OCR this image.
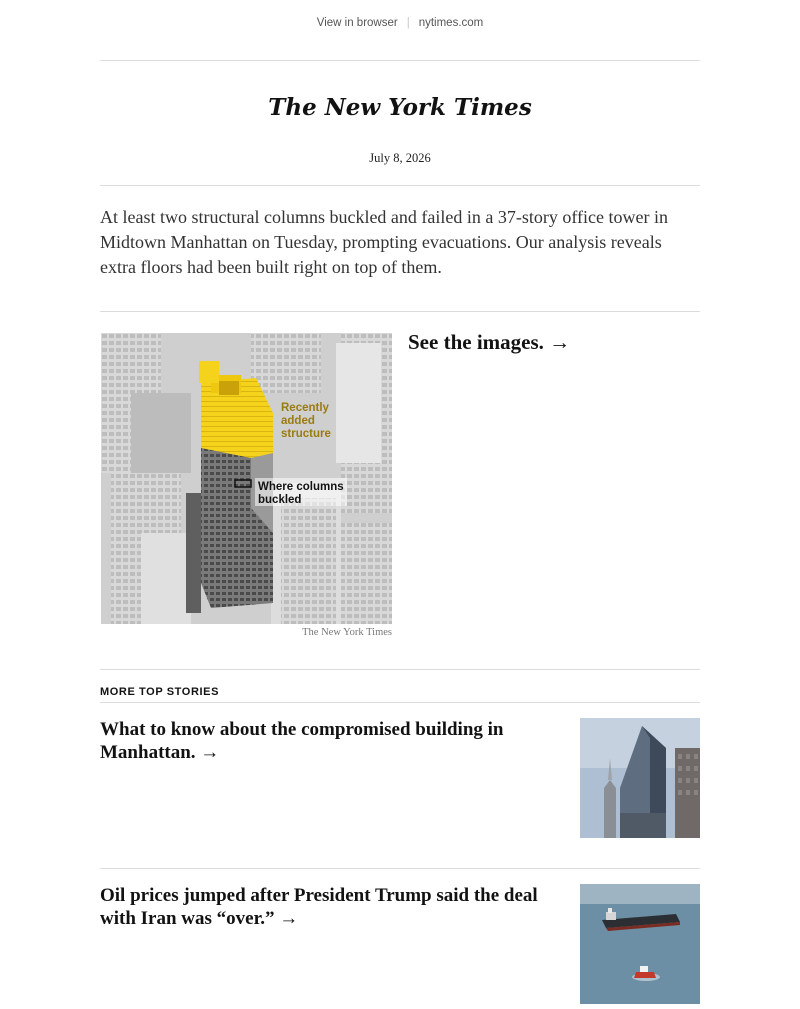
View in browser | nytimes.com
The New York Times
July 8, 2026

At least two structural columns buckled and failed in a 37-story office tower in Midtown Manhattan on Tuesday, prompting evacuations. Our analysis reveals extra floors had been built right on top of them.

Recently added structure
Where columns buckled
The New York Times
See the images. →
MORE TOP STORIES
What to know about the compromised building in Manhattan. →
Oil prices jumped after President Trump said the deal with Iran was “over.” →
